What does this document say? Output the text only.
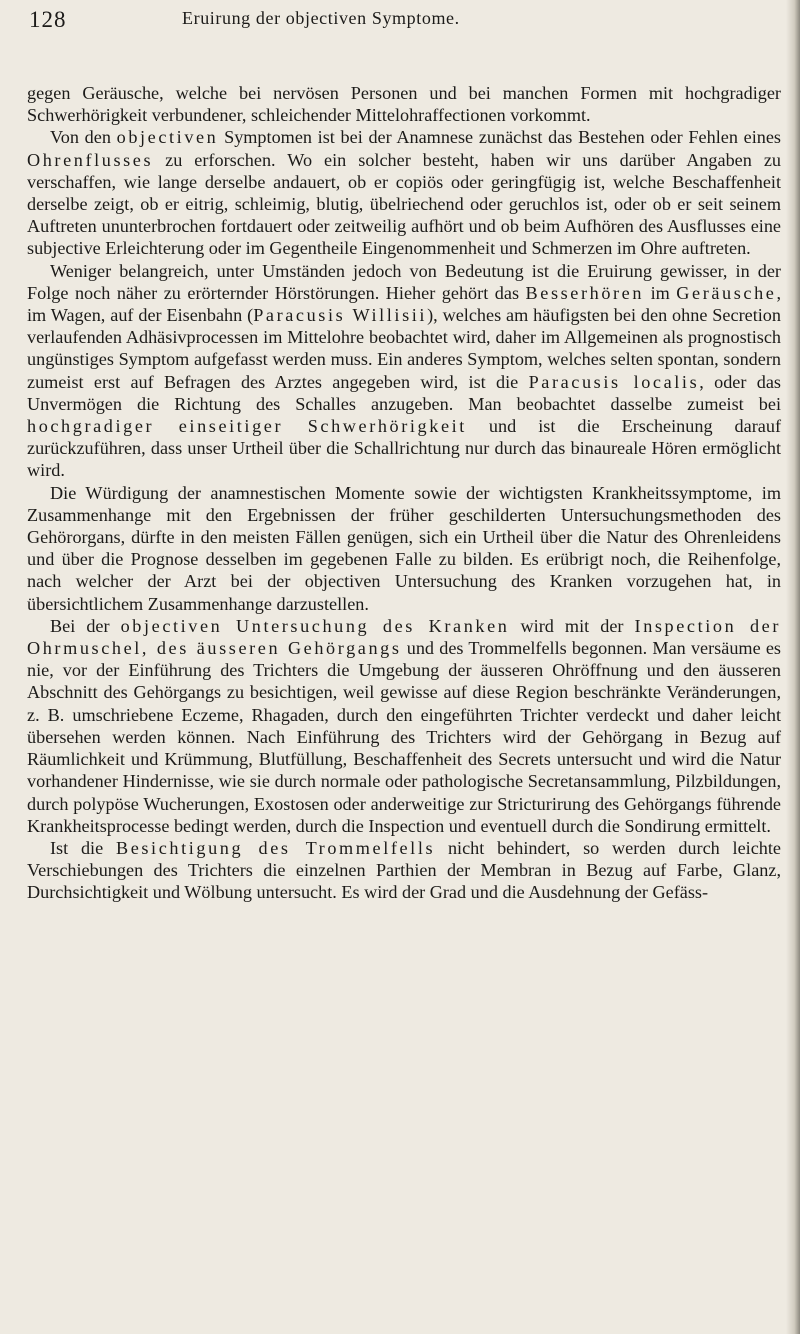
128	Eruirung der objectiven Symptome.

gegen Geräusche, welche bei nervösen Personen und bei manchen Formen mit hochgradiger Schwerhörigkeit verbundener, schleichender Mittelohraffectionen vorkommt.

Von den objectiven Symptomen ist bei der Anamnese zunächst das Bestehen oder Fehlen eines Ohrenflusses zu erforschen. Wo ein solcher besteht, haben wir uns darüber Angaben zu verschaffen, wie lange derselbe andauert, ob er copiös oder geringfügig ist, welche Beschaffenheit derselbe zeigt, ob er eitrig, schleimig, blutig, übelriechend oder geruchlos ist, oder ob er seit seinem Auftreten ununterbrochen fortdauert oder zeitweilig aufhört und ob beim Aufhören des Ausflusses eine subjective Erleichterung oder im Gegentheile Eingenommenheit und Schmerzen im Ohre auftreten.

Weniger belangreich, unter Umständen jedoch von Bedeutung ist die Eruirung gewisser, in der Folge noch näher zu erörternder Hörstörungen. Hieher gehört das Besserhören im Geräusche, im Wagen, auf der Eisenbahn (Paracusis Willisii), welches am häufigsten bei den ohne Secretion verlaufenden Adhäsivprocessen im Mittelohre beobachtet wird, daher im Allgemeinen als prognostisch ungünstiges Symptom aufgefasst werden muss. Ein anderes Symptom, welches selten spontan, sondern zumeist erst auf Befragen des Arztes angegeben wird, ist die Paracusis localis, oder das Unvermögen die Richtung des Schalles anzugeben. Man beobachtet dasselbe zumeist bei hochgradiger einseitiger Schwerhörigkeit und ist die Erscheinung darauf zurückzuführen, dass unser Urtheil über die Schallrichtung nur durch das binaureale Hören ermöglicht wird.

Die Würdigung der anamnestischen Momente sowie der wichtigsten Krankheitssymptome, im Zusammenhange mit den Ergebnissen der früher geschilderten Untersuchungsmethoden des Gehörorgans, dürfte in den meisten Fällen genügen, sich ein Urtheil über die Natur des Ohrenleidens und über die Prognose desselben im gegebenen Falle zu bilden. Es erübrigt noch, die Reihenfolge, nach welcher der Arzt bei der objectiven Untersuchung des Kranken vorzugehen hat, in übersichtlichem Zusammenhange darzustellen.

Bei der objectiven Untersuchung des Kranken wird mit der Inspection der Ohrmuschel, des äusseren Gehörgangs und des Trommelfells begonnen. Man versäume es nie, vor der Einführung des Trichters die Umgebung der äusseren Ohröffnung und den äusseren Abschnitt des Gehörgangs zu besichtigen, weil gewisse auf diese Region beschränkte Veränderungen, z. B. umschriebene Eczeme, Rhagaden, durch den eingeführten Trichter verdeckt und daher leicht übersehen werden können. Nach Einführung des Trichters wird der Gehörgang in Bezug auf Räumlichkeit und Krümmung, Blutfüllung, Beschaffenheit des Secrets untersucht und wird die Natur vorhandener Hindernisse, wie sie durch normale oder pathologische Secretansammlung, Pilzbildungen, durch polypöse Wucherungen, Exostosen oder anderweitige zur Stricturirung des Gehörgangs führende Krankheitsprocesse bedingt werden, durch die Inspection und eventuell durch die Sondirung ermittelt.

Ist die Besichtigung des Trommelfells nicht behindert, so werden durch leichte Verschiebungen des Trichters die einzelnen Parthien der Membran in Bezug auf Farbe, Glanz, Durchsichtigkeit und Wölbung untersucht. Es wird der Grad und die Ausdehnung der Gefäss-
